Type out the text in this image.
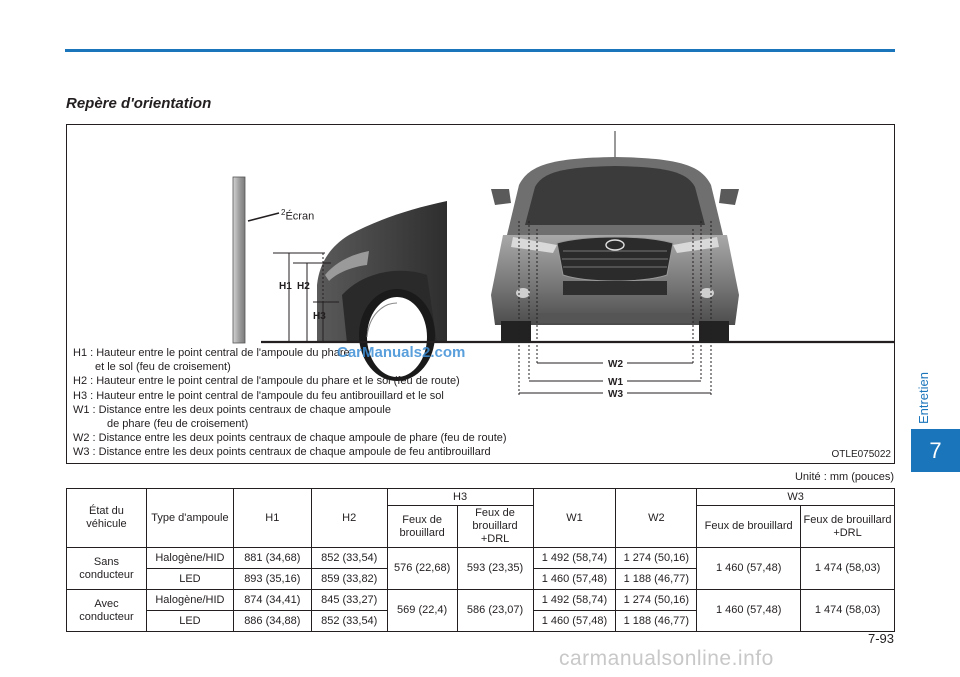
Repère d'orientation
H1 H2
H3
W2
W1
W3
$^2$Écran
H1 : Hauteur entre le point central de l'ampoule du phare
et le sol (feu de croisement)
H2 : Hauteur entre le point central de l'ampoule du phare et le sol (feu de route)
H3 : Hauteur entre le point central de l'ampoule du feu antibrouillard et le sol
W1 : Distance entre les deux points centraux de chaque ampoule
de phare (feu de croisement)
W2 : Distance entre les deux points centraux de chaque ampoule de phare (feu de route)
W3 : Distance entre les deux points centraux de chaque ampoule de feu antibrouillard
CarManuals2.com
OTLE075022
Unité : mm (pouces)
État du véhicule	Type d'ampoule	H1	H2	H3		W1	W2	W3	
				Feux de brouillard	Feux de brouillard +DRL			Feux de brouillard	Feux de brouillard +DRL
Sans conducteur	Halogène/HID	881 (34,68)	852 (33,54)	576 (22,68)	593 (23,35)	1 492 (58,74)	1 274 (50,16)	1 460 (57,48)	1 474 (58,03)
	LED	893 (35,16)	859 (33,82)			1 460 (57,48)	1 188 (46,77)		
Avec conducteur	Halogène/HID	874 (34,41)	845 (33,27)	569 (22,4)	586 (23,07)	1 492 (58,74)	1 274 (50,16)	1 460 (57,48)	1 474 (58,03)
	LED	886 (34,88)	852 (33,54)			1 460 (57,48)	1 188 (46,77)		
Entretien
7
7-93
carmanualsonline.info
